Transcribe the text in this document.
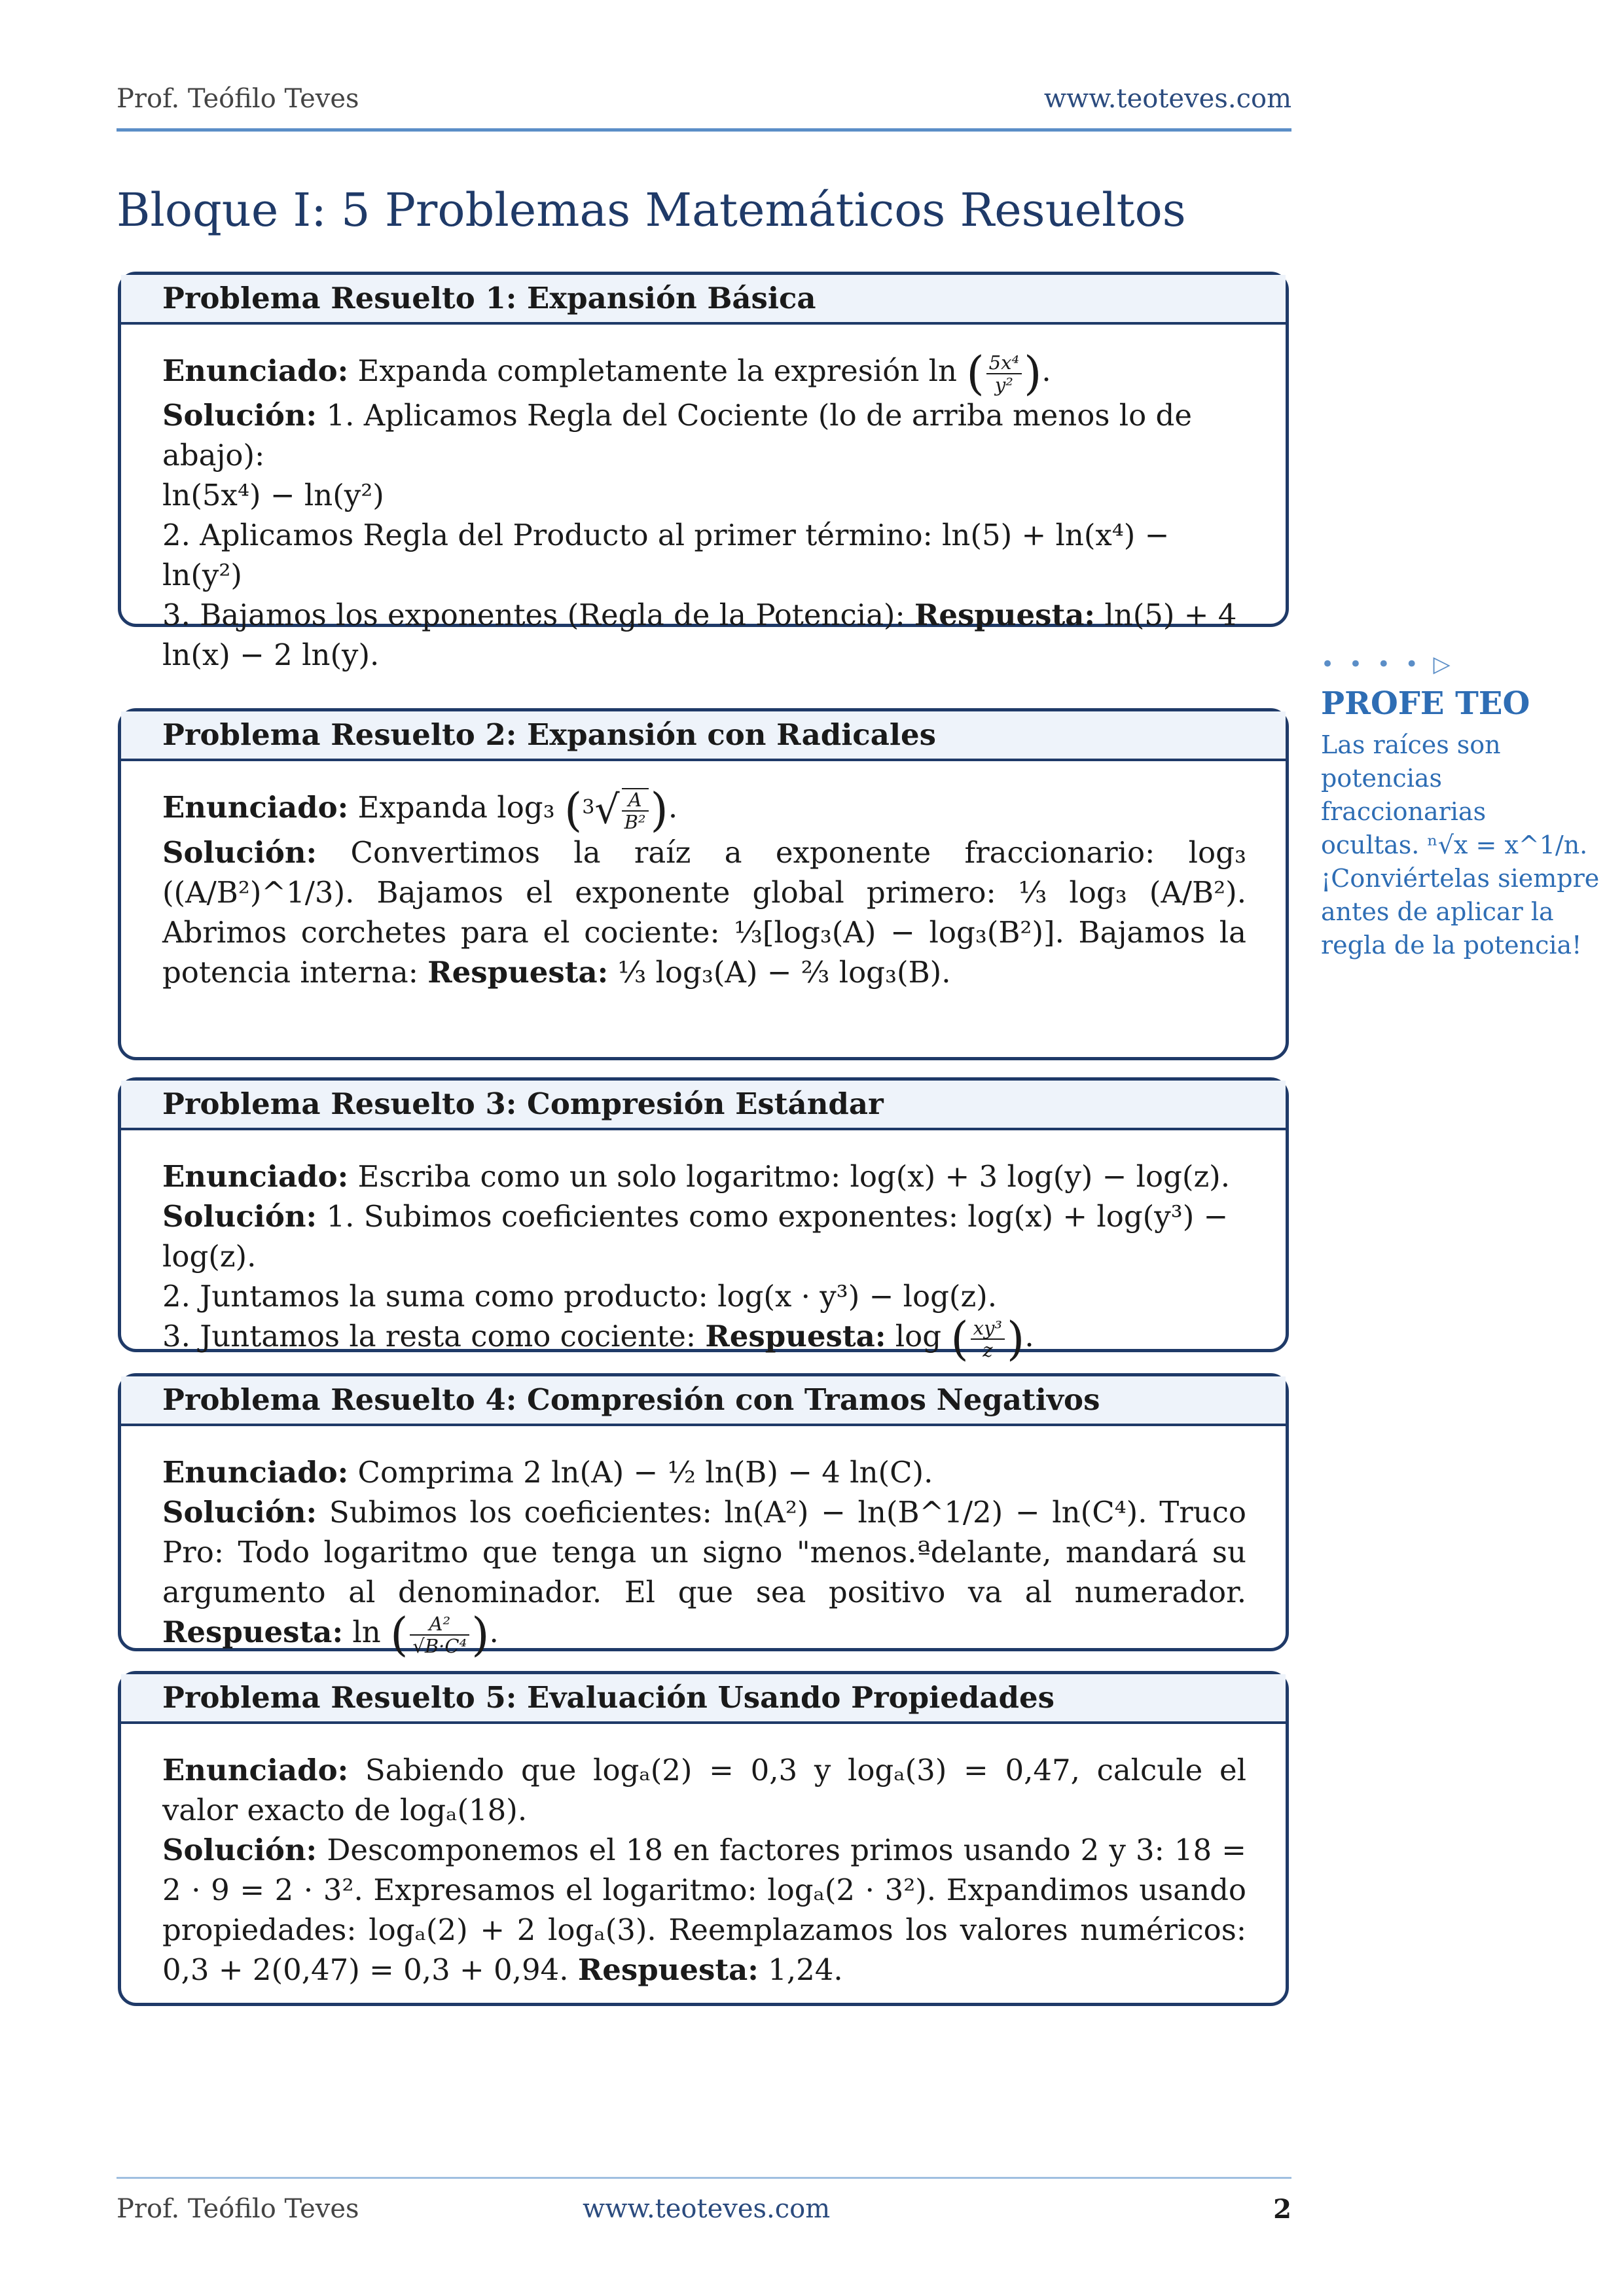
Prof. Teófilo Teves	www.teoteves.com
Bloque I: 5 Problemas Matemáticos Resueltos
Problema Resuelto 1: Expansión Básica

Enunciado: Expanda completamente la expresión ln ( $\frac{\text{5x⁴}}{\text{y²}}$ ).

Solución: 1. Aplicamos Regla del Cociente (lo de arriba menos lo de abajo):

ln(5x⁴) − ln(y²)

2. Aplicamos Regla del Producto al primer término: ln(5) + ln(x⁴) − ln(y²)

3. Bajamos los exponentes (Regla de la Potencia): Respuesta: ln(5) + 4 ln(x) − 2 ln(y).	• • • • ▷
PROFE TEO
Las raíces son
potencias fraccionarias
ocultas. ⁿ√x = x^1/n.
¡Conviértelas siempre
antes de aplicar la
regla de la potencia!
Problema Resuelto 2: Expansión con Radicales

Enunciado: Expanda log₃ ($^3√ \frac{A}{\text{B²}}$ ).

Solución: Convertimos la raíz a exponente fraccionario: log₃ ((A/B²)^1/3). Bajamos el exponente global primero: ⅓ log₃ (A/B²). Abrimos corchetes para el cociente: ⅓[log₃(A) − log₃(B²)]. Bajamos la potencia interna: Respuesta: ⅓ log₃(A) − ⅔ log₃(B).

Problema Resuelto 3: Compresión Estándar

Enunciado: Escriba como un solo logaritmo: log(x) + 3 log(y) − log(z).

Solución: 1. Subimos coeficientes como exponentes: log(x) + log(y³) − log(z).

2. Juntamos la suma como producto: log(x · y³) − log(z).

3. Juntamos la resta como cociente: Respuesta: log ( $\frac{\text{xy³}}{z}$ ).

Problema Resuelto 4: Compresión con Tramos Negativos

Enunciado: Comprima 2 ln(A) − ½ ln(B) − 4 ln(C).

Solución: Subimos los coeficientes: ln(A²) − ln(B^1/2) − ln(C⁴). Truco Pro: Todo logaritmo que tenga un signo "menos.ªdelante, mandará su argumento al denominador. El que sea positivo va al numerador. Respuesta: ln ( $\frac{\text{A²}}{\text{√B·C⁴}}$ ).

Problema Resuelto 5: Evaluación Usando Propiedades

Enunciado: Sabiendo que logₐ(2) = 0,3 y logₐ(3) = 0,47, calcule el valor exacto de logₐ(18).

Solución: Descomponemos el 18 en factores primos usando 2 y 3: 18 = 2 · 9 = 2 · 3². Expresamos el logaritmo: logₐ(2 · 3²). Expandimos usando propiedades: logₐ(2) + 2 logₐ(3). Reemplazamos los valores numéricos: 0,3 + 2(0,47) = 0,3 + 0,94. Respuesta: 1,24.

Prof. Teófilo Teves	www.teoteves.com	2
